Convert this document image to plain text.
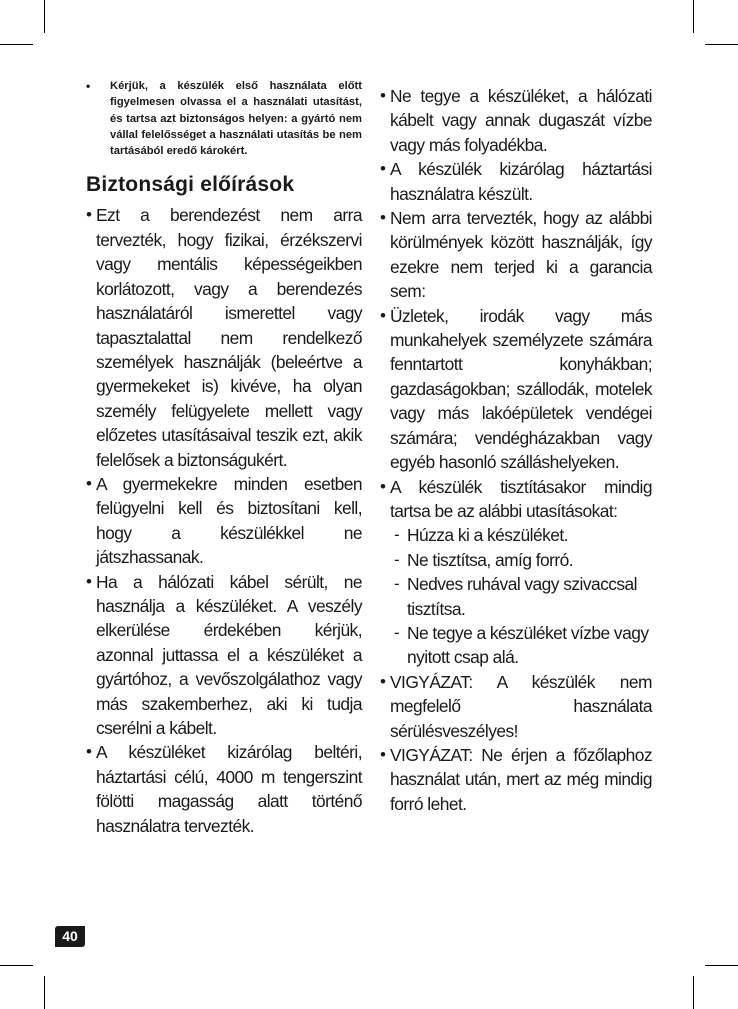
• Kérjük, a készülék első használata előtt figyelmesen olvassa el a használati utasítást, és tartsa azt biztonságos helyen: a gyártó nem vállal felelősséget a használati utasítás be nem tartásából eredő károkért.
Biztonsági előírások
• Ezt a berendezést nem arra tervezték, hogy fizikai, érzékszervi vagy mentális képességeikben korlátozott, vagy a berendezés használatáról ismerettel vagy tapasztalattal nem rendelkező személyek használják (beleértve a gyermekeket is) kivéve, ha olyan személy felügyelete mellett vagy előzetes utasításaival teszik ezt, akik felelősek a biztonságukért.
• A gyermekekre minden esetben felügyelni kell és biztosítani kell, hogy a készülékkel ne játszhassanak.
• Ha a hálózati kábel sérült, ne használja a készüléket. A veszély elkerülése érdekében kérjük, azonnal juttassa el a készüléket a gyártóhoz, a vevőszolgálathoz vagy más szakemberhez, aki ki tudja cserélni a kábelt.
• A készüléket kizárólag beltéri, háztartási célú, 4000 m tengerszint fölötti magasság alatt történő használatra tervezték.
• Ne tegye a készüléket, a hálózati kábelt vagy annak dugaszát vízbe vagy más folyadékba.
• A készülék kizárólag háztartási használatra készült.
• Nem arra tervezték, hogy az alábbi körülmények között használják, így ezekre nem terjed ki a garancia sem:
• Üzletek, irodák vagy más munkahelyek személyzete számára fenntartott konyhákban; gazdaságokban; szállodák, motelek vagy más lakóépületek vendégei számára; vendégházakban vagy egyéb hasonló szálláshelyeken.
• A készülék tisztításakor mindig tartsa be az alábbi utasításokat:
- Húzza ki a készüléket.
- Ne tisztítsa, amíg forró.
- Nedves ruhával vagy szivaccsal tisztítsa.
- Ne tegye a készüléket vízbe vagy nyitott csap alá.
• VIGYÁZAT: A készülék nem megfelelő használata sérülésveszélyes!
• VIGYÁZAT: Ne érjen a főzőlaphoz használat után, mert az még mindig forró lehet.
40
